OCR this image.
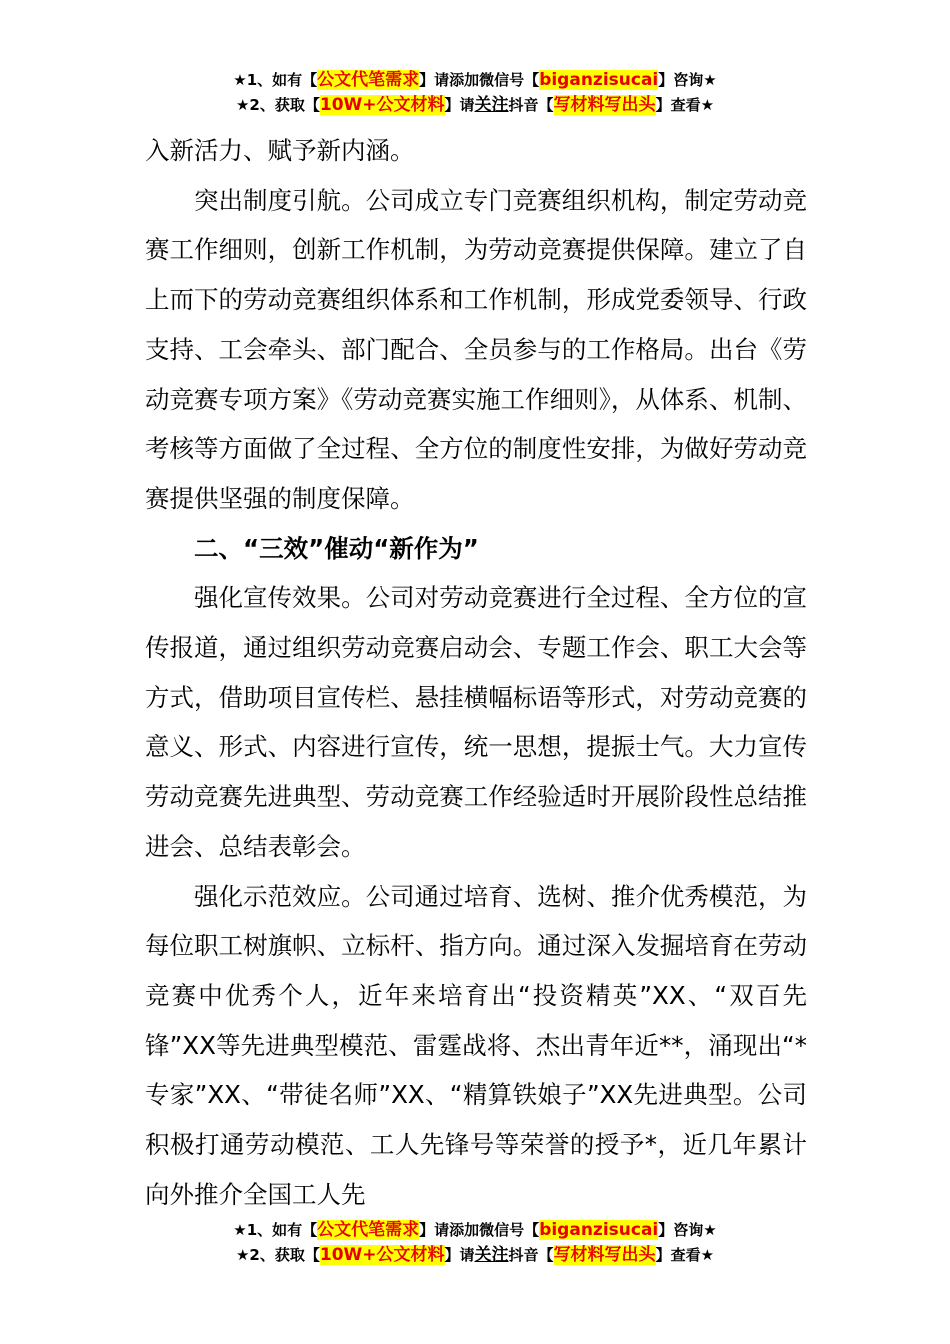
★1、如有【公文代笔需求】请添加微信号【biganzisucai】咨询★
★2、获取【10W+公文材料】请关注抖音【写材料写出头】查看★

入新活力、赋予新内涵。

突出制度引航。公司成立专门竞赛组织机构，制定劳动竞赛工作细则，创新工作机制，为劳动竞赛提供保障。建立了自上而下的劳动竞赛组织体系和工作机制，形成党委领导、行政支持、工会牵头、部门配合、全员参与的工作格局。出台《劳动竞赛专项方案》《劳动竞赛实施工作细则》，从体系、机制、考核等方面做了全过程、全方位的制度性安排，为做好劳动竞赛提供坚强的制度保障。

二、“三效”催动“新作为”

强化宣传效果。公司对劳动竞赛进行全过程、全方位的宣传报道，通过组织劳动竞赛启动会、专题工作会、职工大会等方式，借助项目宣传栏、悬挂横幅标语等形式，对劳动竞赛的意义、形式、内容进行宣传，统一思想，提振士气。大力宣传劳动竞赛先进典型、劳动竞赛工作经验适时开展阶段性总结推进会、总结表彰会。

强化示范效应。公司通过培育、选树、推介优秀模范，为每位职工树旗帜、立标杆、指方向。通过深入发掘培育在劳动竞赛中优秀个人，近年来培育出“投资精英”XX、“双百先锋”XX等先进典型模范、雷霆战将、杰出青年近**，涌现出“*专家”XX、“带徒名师”XX、“精算铁娘子”XX先进典型。公司积极打通劳动模范、工人先锋号等荣誉的授予*，近几年累计向外推介全国工人先

★1、如有【公文代笔需求】请添加微信号【biganzisucai】咨询★
★2、获取【10W+公文材料】请关注抖音【写材料写出头】查看★
